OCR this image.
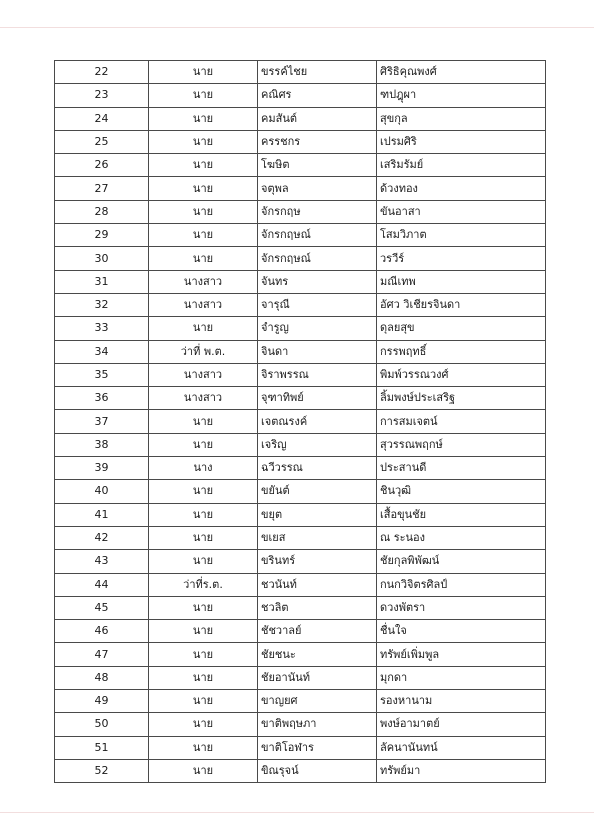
22	นาย	ขรรค์ไชย	ศิริธิคุณพงศ์
23	นาย	คณิศร	ฑปฎุผา
24	นาย	คมสันต์	สุขกุล
25	นาย	ครรชกร	เปรมศิริ
26	นาย	โฆษิต	เสริมรัมย์
27	นาย	จตุพล	ด้วงทอง
28	นาย	จักรกฤษ	ขันอาสา
29	นาย	จักรกฤษณ์	โสมวิภาต
30	นาย	จักรกฤษณ์	วรวีร์
31	นางสาว	จันทร	มณีเทพ
32	นางสาว	จารุณี	อัศว วิเชียรจินดา
33	นาย	จำรูญ	ดุลยสุข
34	ว่าที่ พ.ต.	จินดา	กรรพฤทธิ์
35	นางสาว	จิราพรรณ	พิมพ์วรรณวงศ์
36	นางสาว	จุฑาทิพย์	ลิ้มพงษ์ประเสริฐ
37	นาย	เจตณรงค์	การสมเจตน์
38	นาย	เจริญ	สุวรรณพฤกษ์
39	นาง	ฉวีวรรณ	ประสานดี
40	นาย	ขยันต์	ชินวุฒิ
41	นาย	ขยุต	เสื้อขุนชัย
42	นาย	ขเยส	ณ ระนอง
43	นาย	ขรินทร์	ชัยกุลพิพัฒน์
44	ว่าที่ร.ต.	ชวนันท์	กนกวิจิตรศิลป์
45	นาย	ชวลิต	ดวงพัตรา
46	นาย	ชัชวาลย์	ชื่นใจ
47	นาย	ชัยชนะ	ทรัพย์เพิ่มพูล
48	นาย	ชัยอานันท์	มุกดา
49	นาย	ขาญยศ	รองหานาม
50	นาย	ขาติพฤษภา	พงษ์อามาตย์
51	นาย	ขาติโอฬาร	ลัคนานันทน์
52	นาย	ขิณรุจน์	ทรัพย์มา
